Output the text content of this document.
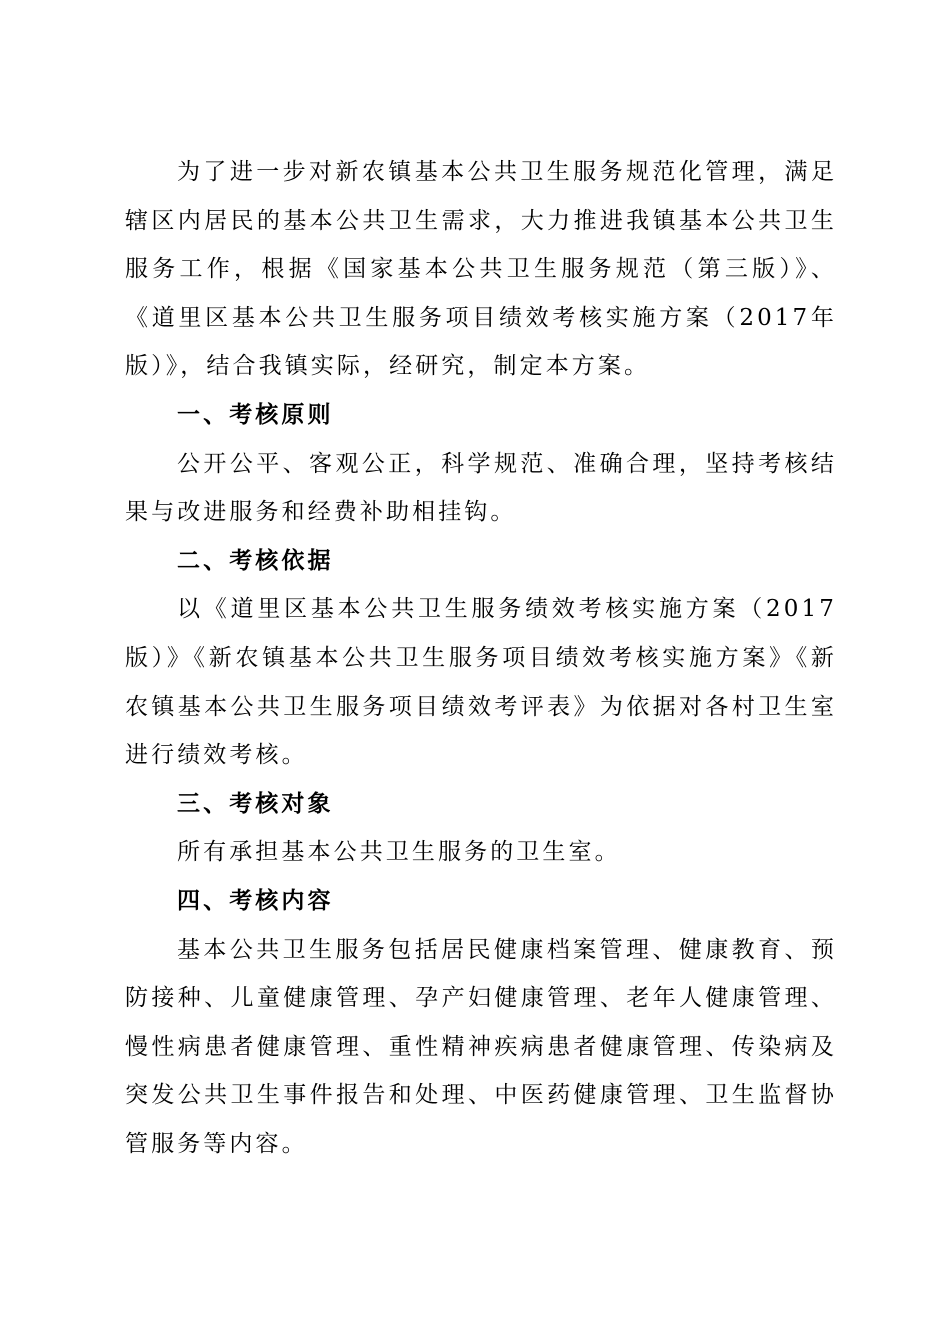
为了进一步对新农镇基本公共卫生服务规范化管理，满足辖区内居民的基本公共卫生需求，大力推进我镇基本公共卫生服务工作，根据《国家基本公共卫生服务规范（第三版）》、《道里区基本公共卫生服务项目绩效考核实施方案（2017年版）》，结合我镇实际，经研究，制定本方案。

一、考核原则

公开公平、客观公正，科学规范、准确合理，坚持考核结果与改进服务和经费补助相挂钩。

二、考核依据

以《道里区基本公共卫生服务绩效考核实施方案（2017版）》《新农镇基本公共卫生服务项目绩效考核实施方案》《新农镇基本公共卫生服务项目绩效考评表》为依据对各村卫生室进行绩效考核。

三、考核对象

所有承担基本公共卫生服务的卫生室。

四、考核内容

基本公共卫生服务包括居民健康档案管理、健康教育、预防接种、儿童健康管理、孕产妇健康管理、老年人健康管理、慢性病患者健康管理、重性精神疾病患者健康管理、传染病及突发公共卫生事件报告和处理、中医药健康管理、卫生监督协管服务等内容。
